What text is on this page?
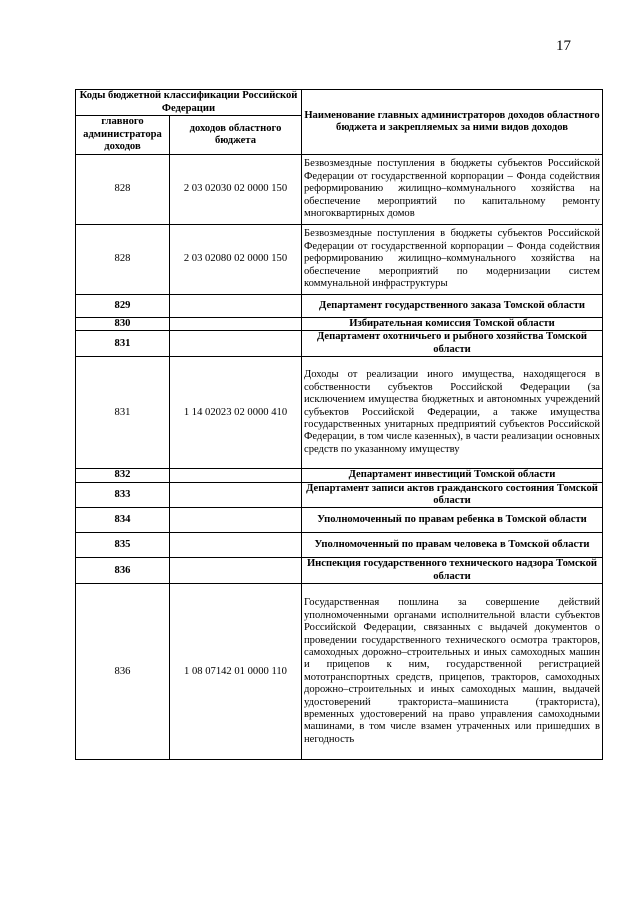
17
Коды бюджетной классификации Российской Федерации		Наименование главных администраторов доходов областного бюджета и закрепляемых за ними видов доходов
главного администратора доходов	доходов областного бюджета	
828	2 03 02030 02 0000 150	Безвозмездные поступления в бюджеты субъектов Российской Федерации от государственной корпорации – Фонда содействия реформированию жилищно–коммунального хозяйства на обеспечение мероприятий по капитальному ремонту многоквартирных домов
828	2 03 02080 02 0000 150	Безвозмездные поступления в бюджеты субъектов Российской Федерации от государственной корпорации – Фонда содействия реформированию жилищно–коммунального хозяйства на обеспечение мероприятий по модернизации систем коммунальной инфраструктуры
829		Департамент государственного заказа Томской области
830		Избирательная комиссия Томской области
831		Департамент охотничьего и рыбного хозяйства Томской области
831	1 14 02023 02 0000 410	Доходы от реализации иного имущества, находящегося в собственности субъектов Российской Федерации (за исключением имущества бюджетных и автономных учреждений субъектов Российской Федерации, а также имущества государственных унитарных предприятий субъектов Российской Федерации, в том числе казенных), в части реализации основных средств по указанному имуществу
832		Департамент инвестиций Томской области
833		Департамент записи актов гражданского состояния Томской области
834		Уполномоченный по правам ребенка в Томской области
835		Уполномоченный по правам человека в Томской области
836		Инспекция государственного технического надзора Томской области
836	1 08 07142 01 0000 110	Государственная пошлина за совершение действий уполномоченными органами исполнительной власти субъектов Российской Федерации, связанных с выдачей документов о проведении государственного технического осмотра тракторов, самоходных дорожно–строительных и иных самоходных машин и прицепов к ним, государственной регистрацией мототранспортных средств, прицепов, тракторов, самоходных дорожно–строительных и иных самоходных машин, выдачей удостоверений тракториста–машиниста (тракториста), временных удостоверений на право управления самоходными машинами, в том числе взамен утраченных или пришедших в негодность
